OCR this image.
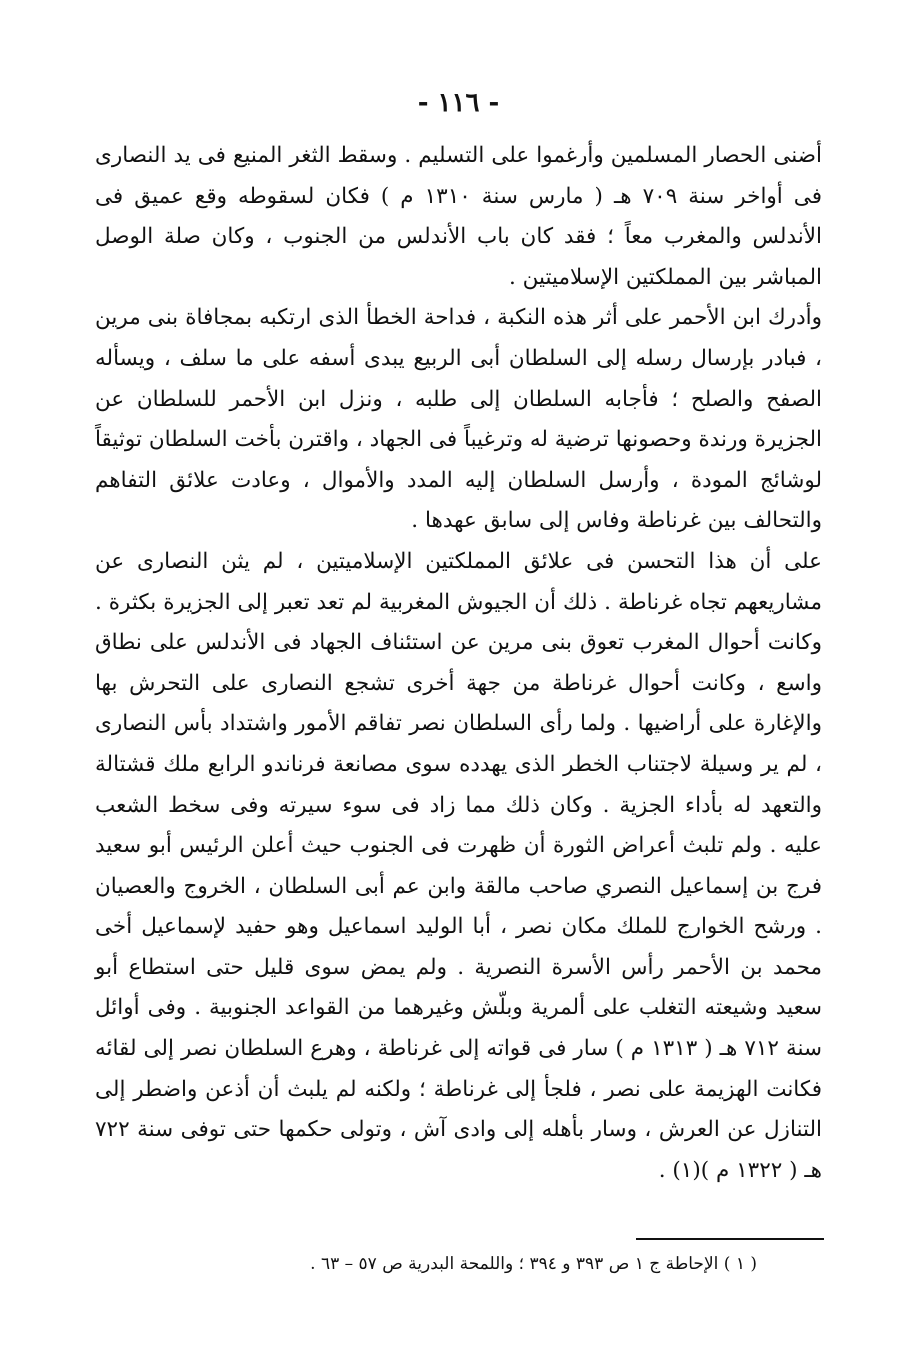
- ١١٦ -

أضنى الحصار المسلمين وأرغموا على التسليم . وسقط الثغر المنيع فى يد النصارى فى أواخر سنة ٧٠٩ هـ ( مارس سنة ١٣١٠ م ) فكان لسقوطه وقع عميق فى الأندلس والمغرب معاً ؛ فقد كان باب الأندلس من الجنوب ، وكان صلة الوصل المباشر بين المملكتين الإسلاميتين .

وأدرك ابن الأحمر على أثر هذه النكبة ، فداحة الخطأ الذى ارتكبه بمجافاة بنى مرين ، فبادر بإرسال رسله إلى السلطان أبى الربيع يبدى أسفه على ما سلف ، ويسأله الصفح والصلح ؛ فأجابه السلطان إلى طلبه ، ونزل ابن الأحمر للسلطان عن الجزيرة ورندة وحصونها ترضية له وترغيباً فى الجهاد ، واقترن بأخت السلطان توثيقاً لوشائج المودة ، وأرسل السلطان إليه المدد والأموال ، وعادت علائق التفاهم والتحالف بين غرناطة وفاس إلى سابق عهدها .

على أن هذا التحسن فى علائق المملكتين الإسلاميتين ، لم يثن النصارى عن مشاريعهم تجاه غرناطة . ذلك أن الجيوش المغربية لم تعد تعبر إلى الجزيرة بكثرة . وكانت أحوال المغرب تعوق بنى مرين عن استئناف الجهاد فى الأندلس على نطاق واسع ، وكانت أحوال غرناطة من جهة أخرى تشجع النصارى على التحرش بها والإغارة على أراضيها . ولما رأى السلطان نصر تفاقم الأمور واشتداد بأس النصارى ، لم ير وسيلة لاجتناب الخطر الذى يهدده سوى مصانعة فرناندو الرابع ملك قشتالة والتعهد له بأداء الجزية . وكان ذلك مما زاد فى سوء سيرته وفى سخط الشعب عليه . ولم تلبث أعراض الثورة أن ظهرت فى الجنوب حيث أعلن الرئيس أبو سعيد فرج بن إسماعيل النصري صاحب مالقة وابن عم أبى السلطان ، الخروج والعصيان . ورشح الخوارج للملك مكان نصر ، أبا الوليد اسماعيل وهو حفيد لإسماعيل أخى محمد بن الأحمر رأس الأسرة النصرية . ولم يمض سوى قليل حتى استطاع أبو سعيد وشيعته التغلب على ألمرية وبلّش وغيرهما من القواعد الجنوبية . وفى أوائل سنة ٧١٢ هـ ( ١٣١٣ م ) سار فى قواته إلى غرناطة ، وهرع السلطان نصر إلى لقائه فكانت الهزيمة على نصر ، فلجأ إلى غرناطة ؛ ولكنه لم يلبث أن أذعن واضطر إلى التنازل عن العرش ، وسار بأهله إلى وادى آش ، وتولى حكمها حتى توفى سنة ٧٢٢ هـ ( ١٣٢٢ م )(١) .

( ١ ) الإحاطة ج ١ ص ٣٩٣ و ٣٩٤ ؛ واللمحة البدرية ص ٥٧ – ٦٣ .
